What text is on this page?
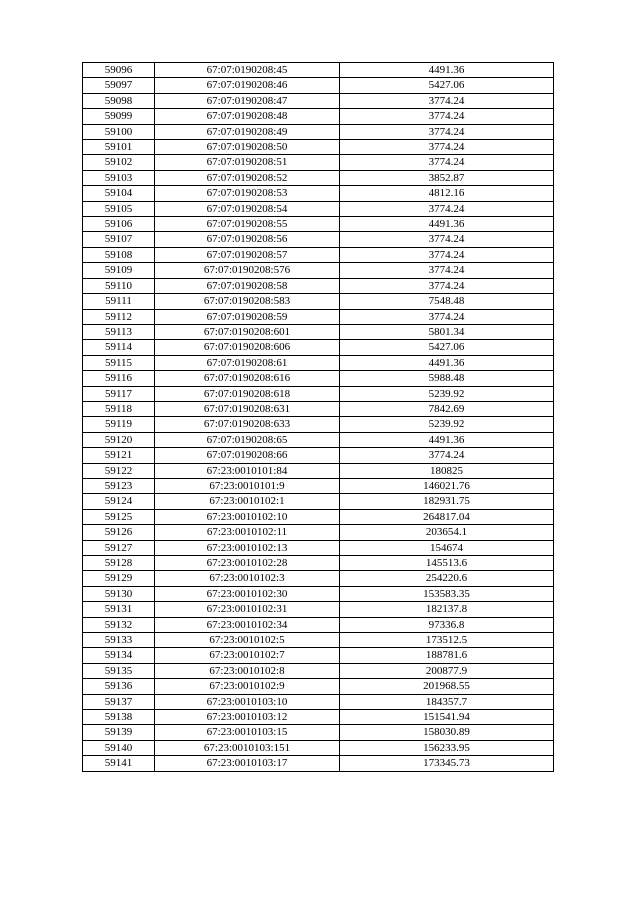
59096	67:07:0190208:45	4491.36
59097	67:07:0190208:46	5427.06
59098	67:07:0190208:47	3774.24
59099	67:07:0190208:48	3774.24
59100	67:07:0190208:49	3774.24
59101	67:07:0190208:50	3774.24
59102	67:07:0190208:51	3774.24
59103	67:07:0190208:52	3852.87
59104	67:07:0190208:53	4812.16
59105	67:07:0190208:54	3774.24
59106	67:07:0190208:55	4491.36
59107	67:07:0190208:56	3774.24
59108	67:07:0190208:57	3774.24
59109	67:07:0190208:576	3774.24
59110	67:07:0190208:58	3774.24
59111	67:07:0190208:583	7548.48
59112	67:07:0190208:59	3774.24
59113	67:07:0190208:601	5801.34
59114	67:07:0190208:606	5427.06
59115	67:07:0190208:61	4491.36
59116	67:07:0190208:616	5988.48
59117	67:07:0190208:618	5239.92
59118	67:07:0190208:631	7842.69
59119	67:07:0190208:633	5239.92
59120	67:07:0190208:65	4491.36
59121	67:07:0190208:66	3774.24
59122	67:23:0010101:84	180825
59123	67:23:0010101:9	146021.76
59124	67:23:0010102:1	182931.75
59125	67:23:0010102:10	264817.04
59126	67:23:0010102:11	203654.1
59127	67:23:0010102:13	154674
59128	67:23:0010102:28	145513.6
59129	67:23:0010102:3	254220.6
59130	67:23:0010102:30	153583.35
59131	67:23:0010102:31	182137.8
59132	67:23:0010102:34	97336.8
59133	67:23:0010102:5	173512.5
59134	67:23:0010102:7	188781.6
59135	67:23:0010102:8	200877.9
59136	67:23:0010102:9	201968.55
59137	67:23:0010103:10	184357.7
59138	67:23:0010103:12	151541.94
59139	67:23:0010103:15	158030.89
59140	67:23:0010103:151	156233.95
59141	67:23:0010103:17	173345.73
